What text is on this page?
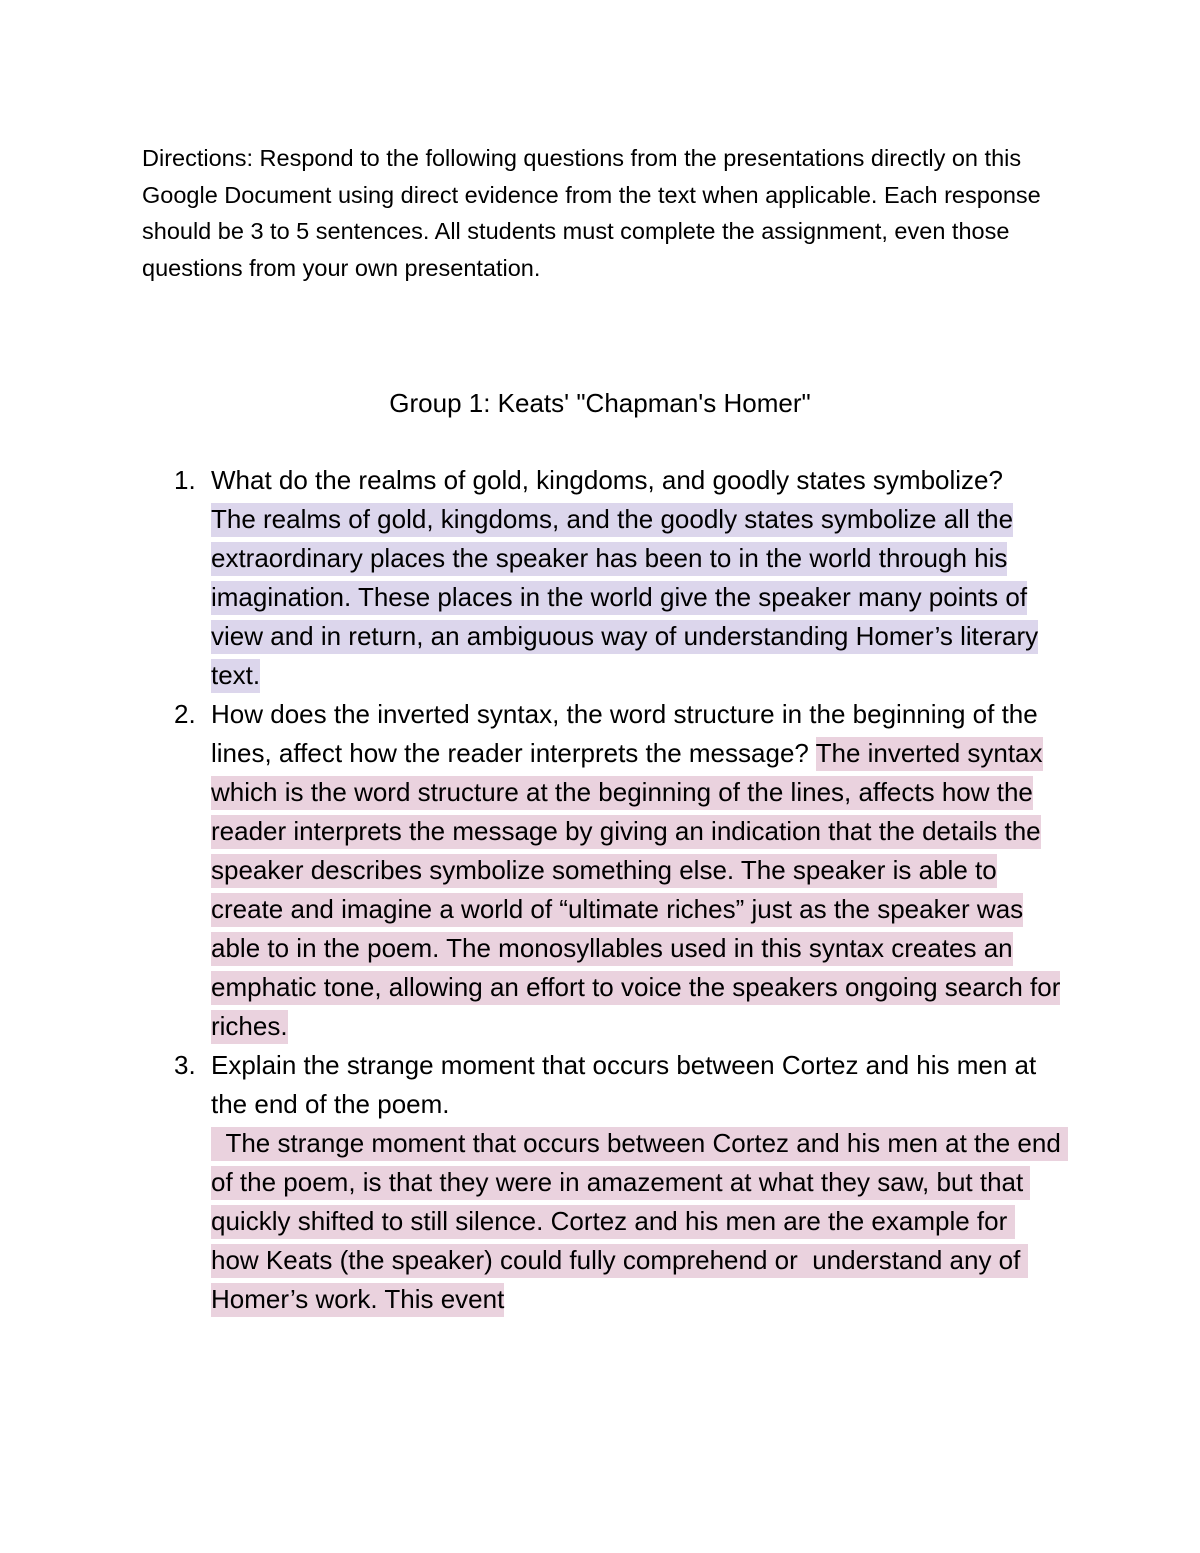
Directions: Respond to the following questions from the presentations directly on this Google Document using direct evidence from the text when applicable. Each response should be 3 to 5 sentences. All students must complete the assignment, even those questions from your own presentation.

Group 1: Keats' "Chapman's Homer"

1. What do the realms of gold, kingdoms, and goodly states symbolize?
The realms of gold, kingdoms, and the goodly states symbolize all the extraordinary places the speaker has been to in the world through his imagination. These places in the world give the speaker many points of view and in return, an ambiguous way of understanding Homer’s literary text.
2. How does the inverted syntax, the word structure in the beginning of the lines, affect how the reader interprets the message? The inverted syntax which is the word structure at the beginning of the lines, affects how the reader interprets the message by giving an indication that the details the speaker describes symbolize something else. The speaker is able to create and imagine a world of “ultimate riches” just as the speaker was able to in the poem. The monosyllables used in this syntax creates an emphatic tone, allowing an effort to voice the speakers ongoing search for riches.
3. Explain the strange moment that occurs between Cortez and his men at the end of the poem.
The strange moment that occurs between Cortez and his men at the end of the poem, is that they were in amazement at what they saw, but that quickly shifted to still silence. Cortez and his men are the example for how Keats (the speaker) could fully comprehend or  understand any of Homer’s work. This event
